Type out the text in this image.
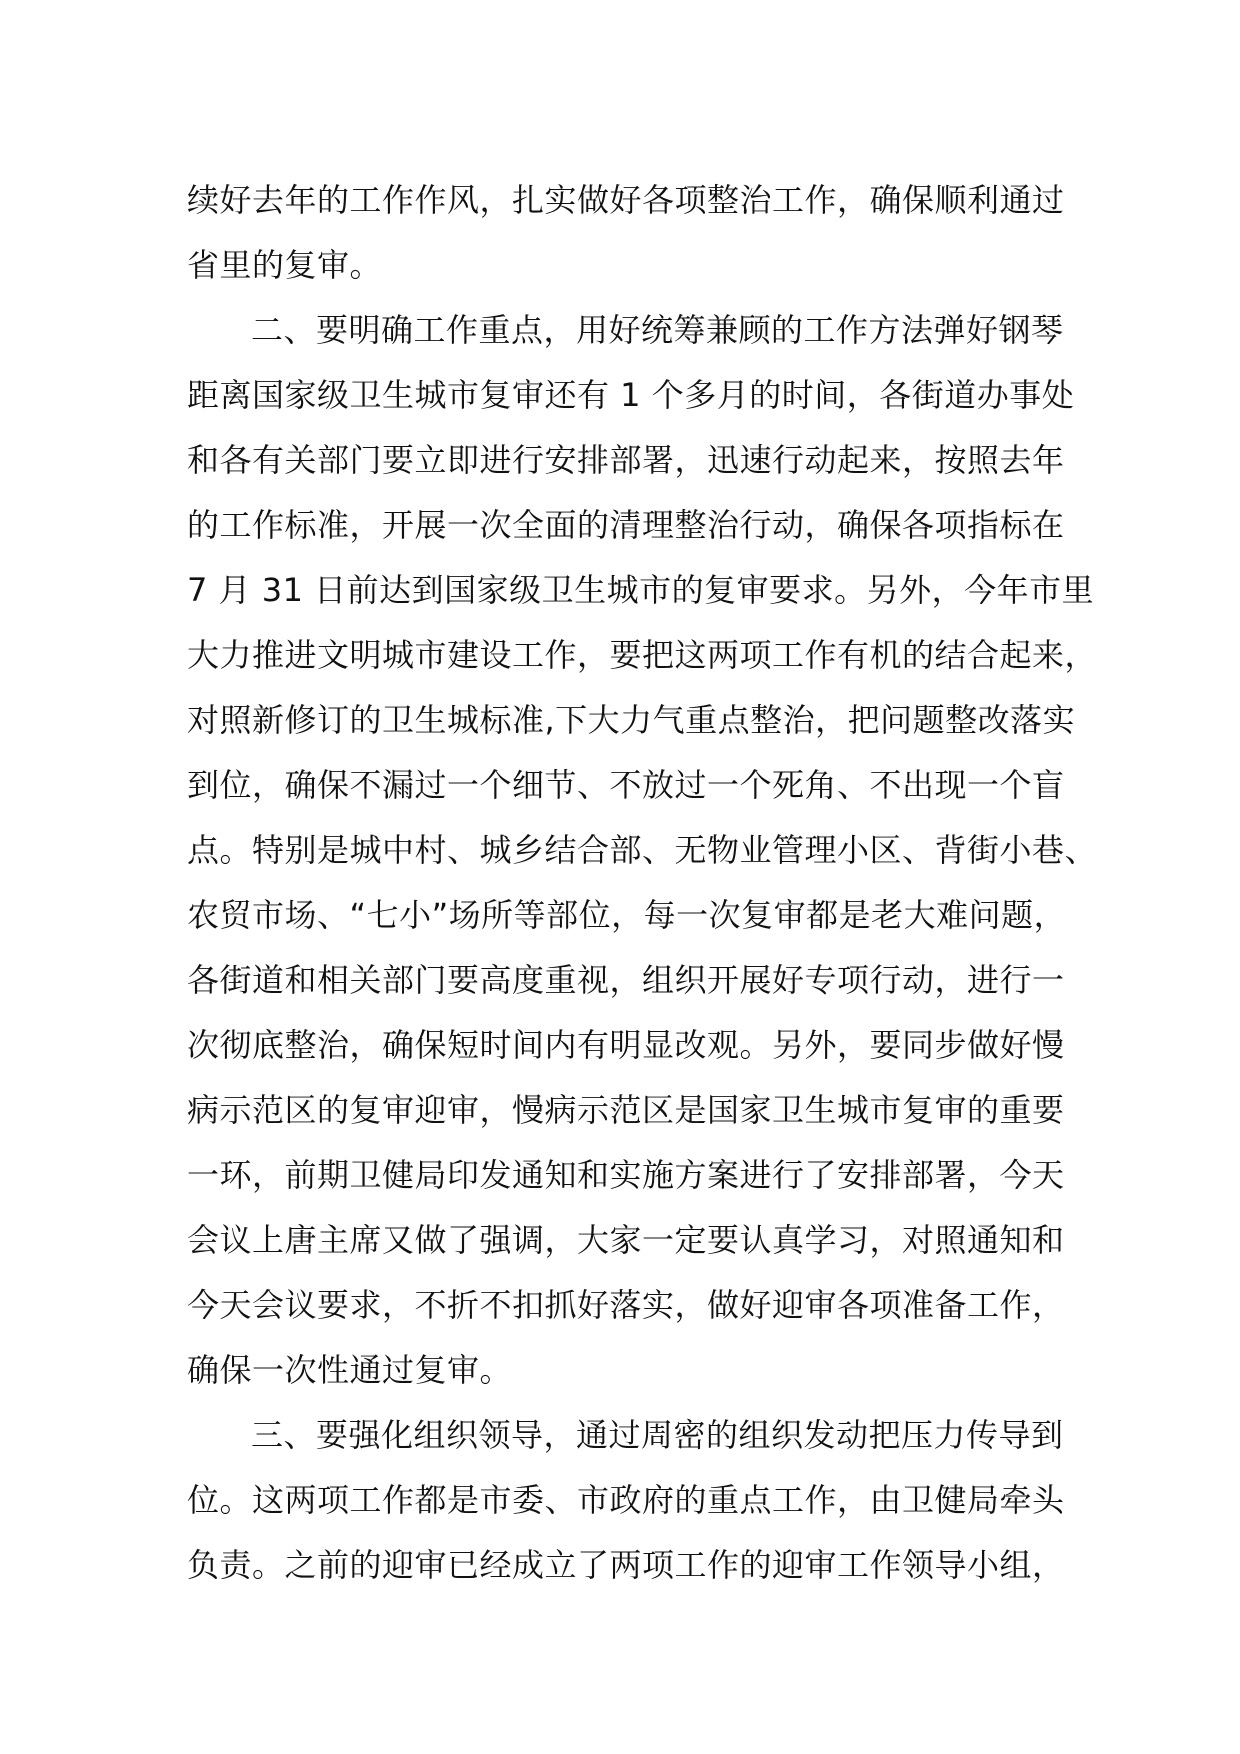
续好去年的工作作风，扎实做好各项整治工作，确保顺利通过
省里的复审。
二、要明确工作重点，用好统筹兼顾的工作方法弹好钢琴
距离国家级卫生城市复审还有 1 个多月的时间，各街道办事处
和各有关部门要立即进行安排部署，迅速行动起来，按照去年
的工作标准，开展一次全面的清理整治行动，确保各项指标在
7 月 31 日前达到国家级卫生城市的复审要求。另外，今年市里
大力推进文明城市建设工作，要把这两项工作有机的结合起来，
对照新修订的卫生城标准,下大力气重点整治，把问题整改落实
到位，确保不漏过一个细节、不放过一个死角、不出现一个盲
点。特别是城中村、城乡结合部、无物业管理小区、背街小巷、
农贸市场、“七小”场所等部位，每一次复审都是老大难问题，
各街道和相关部门要高度重视，组织开展好专项行动，进行一
次彻底整治，确保短时间内有明显改观。另外，要同步做好慢
病示范区的复审迎审，慢病示范区是国家卫生城市复审的重要
一环，前期卫健局印发通知和实施方案进行了安排部署，今天
会议上唐主席又做了强调，大家一定要认真学习，对照通知和
今天会议要求，不折不扣抓好落实，做好迎审各项准备工作，
确保一次性通过复审。
三、要强化组织领导，通过周密的组织发动把压力传导到
位。这两项工作都是市委、市政府的重点工作，由卫健局牵头
负责。之前的迎审已经成立了两项工作的迎审工作领导小组，
